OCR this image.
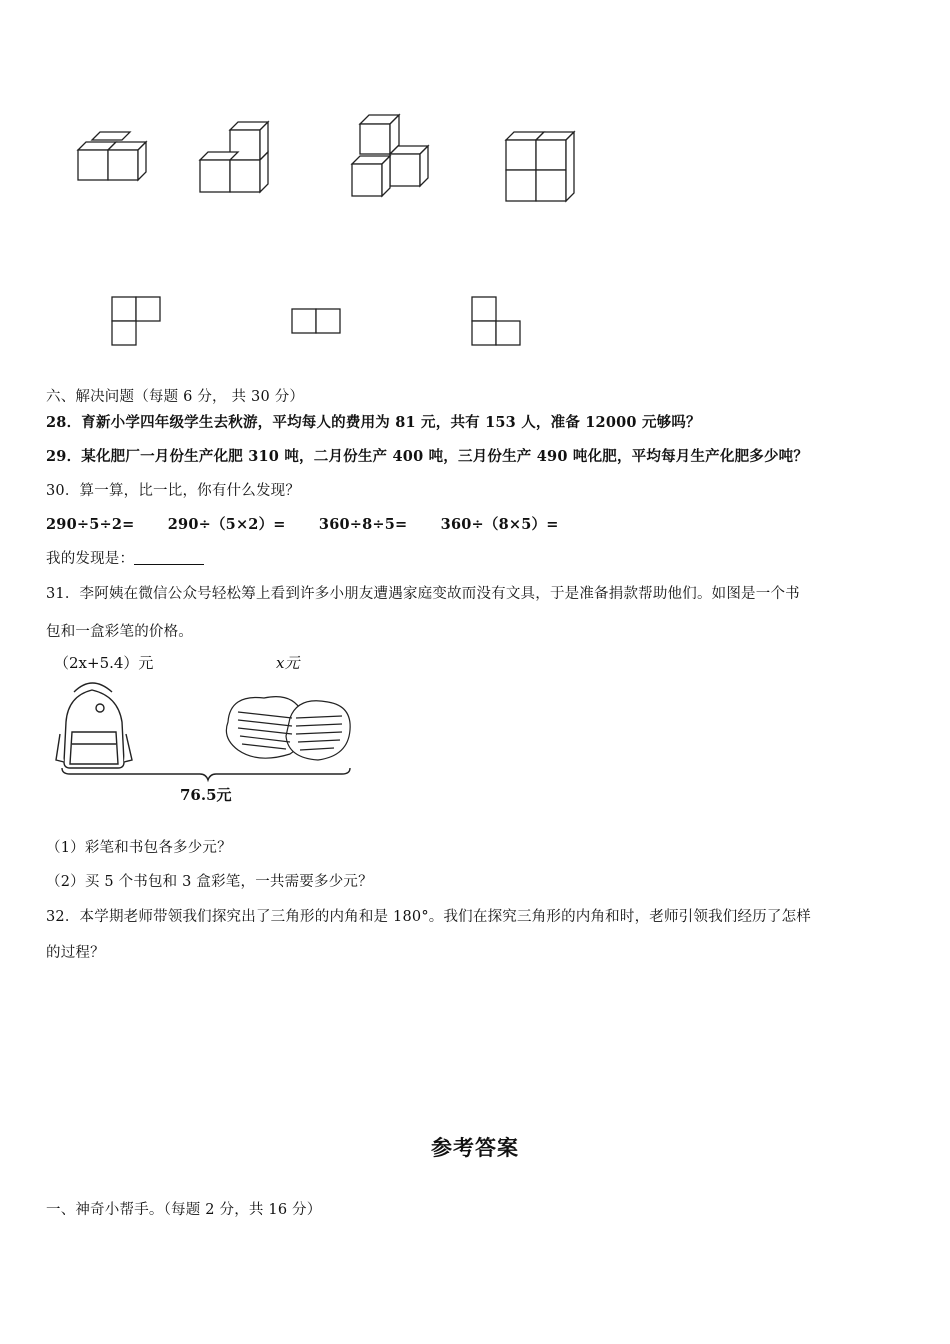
六、解决问题（每题 6 分， 共 30 分）
28．育新小学四年级学生去秋游，平均每人的费用为 81 元，共有 153 人，准备 12000 元够吗？
29．某化肥厂一月份生产化肥 310 吨，二月份生产 400 吨，三月份生产 490 吨化肥，平均每月生产化肥多少吨？
30．算一算，比一比，你有什么发现？
290÷5÷2= 290÷（5×2）= 360÷8÷5= 360÷（8×5）=
我的发现是：
31．李阿姨在微信公众号轻松筹上看到许多小朋友遭遇家庭变故而没有文具，于是准备捐款帮助他们。如图是一个书
包和一盒彩笔的价格。
（2x+5.4）元	x元
76.5元
（1）彩笔和书包各多少元？
（2）买 5 个书包和 3 盒彩笔，一共需要多少元？
32．本学期老师带领我们探究出了三角形的内角和是 180°。我们在探究三角形的内角和时，老师引领我们经历了怎样
的过程？
参考答案
一、神奇小帮手。（每题 2 分，共 16 分）
